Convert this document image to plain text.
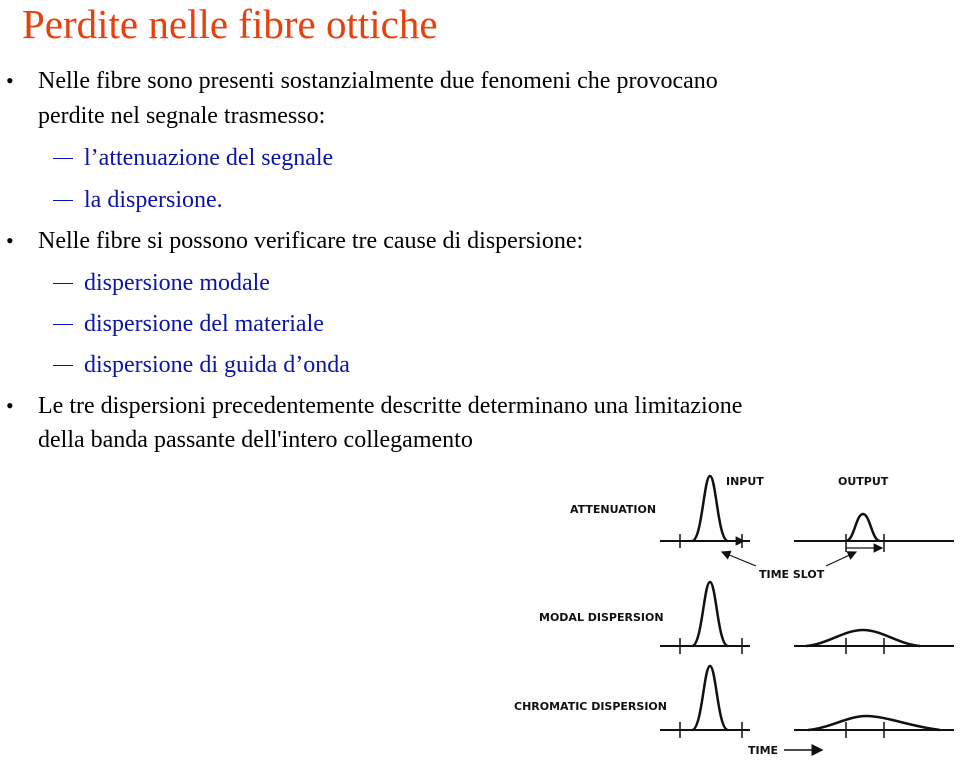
Perdite nelle fibre ottiche
• Nelle fibre sono presenti sostanzialmente due fenomeni che provocano
perdite nel segnale trasmesso:
l’attenuazione del segnale
la dispersione.
• Nelle fibre si possono verificare tre cause di dispersione:
dispersione modale
dispersione del materiale
dispersione di guida d’onda
• Le tre dispersioni precedentemente descritte determinano una limitazione
della banda passante dell'intero collegamento
INPUT	OUTPUT
ATTENUATION
MODAL DISPERSION
CHROMATIC DISPERSION
TIME SLOT
TIME
